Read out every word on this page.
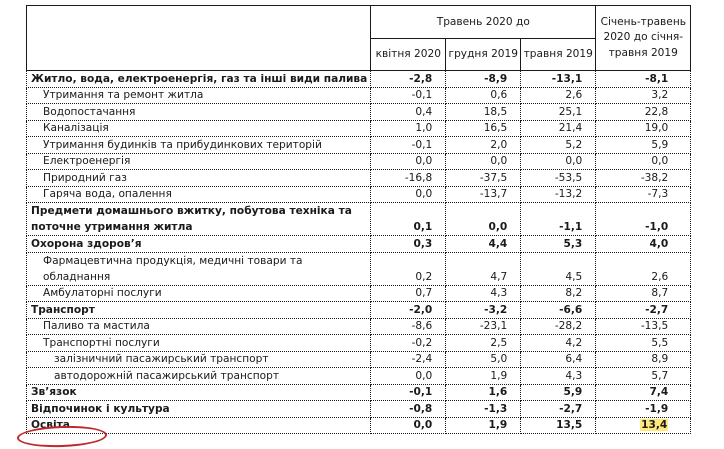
	Травень 2020 до			Січень-травень 2020 до січня-травня 2019
	квітня 2020	грудня 2019	травня 2019	
Житло, вода, електроенергія, газ та інші види палива	-2,8	-8,9	-13,1	-8,1
Утримання та ремонт житла	-0,1	0,6	2,6	3,2
Водопостачання	0,4	18,5	25,1	22,8
Каналізація	1,0	16,5	21,4	19,0
Утримання будинків та прибудинкових територій	-0,1	2,0	5,2	5,9
Електроенергія	0,0	0,0	0,0	0,0
Природний газ	-16,8	-37,5	-53,5	-38,2
Гаряча вода, опалення	0,0	-13,7	-13,2	-7,3
Предмети домашнього вжитку, побутова техніка та поточне утримання житла	0,1	0,0	-1,1	-1,0
Охорона здоров’я	0,3	4,4	5,3	4,0
Фармацевтична продукція, медичні товари та обладнання	0,2	4,7	4,5	2,6
Амбулаторні послуги	0,7	4,3	8,2	8,7
Транспорт	-2,0	-3,2	-6,6	-2,7
Паливо та мастила	-8,6	-23,1	-28,2	-13,5
Транспортні послуги	-0,2	2,5	4,2	5,5
залізничний пасажирський транспорт	-2,4	5,0	6,4	8,9
автодорожній пасажирський транспорт	0,0	1,9	4,3	5,7
Зв’язок	-0,1	1,6	5,9	7,4
Відпочинок і культура	-0,8	-1,3	-2,7	-1,9
Освіта	0,0	1,9	13,5	13,4
